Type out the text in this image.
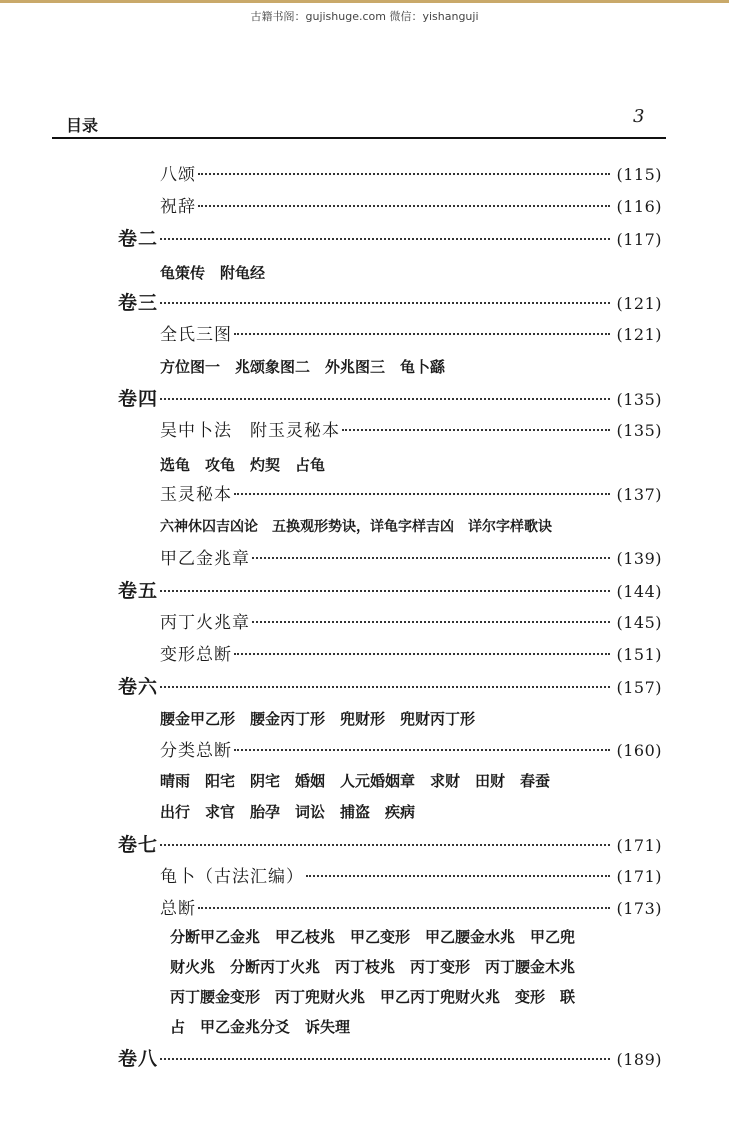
古籍书阁：gujishuge.com 微信：yishanguji
目录	3
八颂	(115)
祝辞	(116)
卷二	(117)
龟策传　附龟经
卷三	(121)
全氏三图	(121)
方位图一　兆颂象图二　外兆图三　龟卜繇
卷四	(135)
吴中卜法　附玉灵秘本	(135)
选龟　攻龟　灼契　占龟
玉灵秘本	(137)
六神休囚吉凶论　五换观形势诀，详龟字样吉凶　详尔字样歌诀
甲乙金兆章	(139)
卷五	(144)
丙丁火兆章	(145)
变形总断	(151)
卷六	(157)
腰金甲乙形　腰金丙丁形　兜财形　兜财丙丁形
分类总断	(160)
晴雨　阳宅　阴宅　婚姻　人元婚姻章　求财　田财　春蚕
出行　求官　胎孕　词讼　捕盗　疾病
卷七	(171)
龟卜（古法汇编）	(171)
总断	(173)
分断甲乙金兆　甲乙枝兆　甲乙变形　甲乙腰金水兆　甲乙兜
财火兆　分断丙丁火兆　丙丁枝兆　丙丁变形　丙丁腰金木兆
丙丁腰金变形　丙丁兜财火兆　甲乙丙丁兜财火兆　变形　联
占　甲乙金兆分爻　诉失理
卷八	(189)
